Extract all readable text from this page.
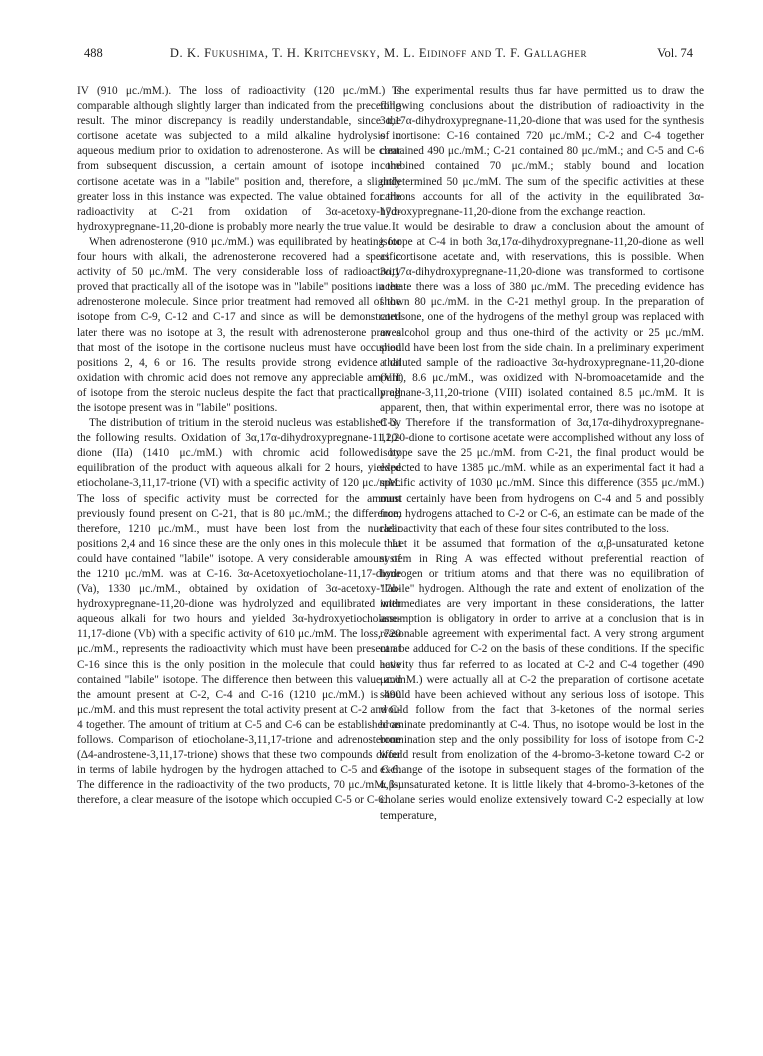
488	D. K. Fukushima, T. H. Kritchevsky, M. L. Eidinoff and T. F. Gallagher	Vol. 74

IV (910 μc./mM.). The loss of radioactivity (120 μc./mM.) is comparable although slightly larger than indicated from the preceding result. The minor discrepancy is readily understandable, since the cortisone acetate was subjected to a mild alkaline hydrolysis in aqueous medium prior to oxidation to adrenosterone. As will be clear from subsequent discussion, a certain amount of isotope in the cortisone acetate was in a "labile" position and, therefore, a slightly greater loss in this instance was expected. The value obtained for the radioactivity at C-21 from oxidation of 3α-acetoxy-17α-hydroxypregnane-11,20-dione is probably more nearly the true value.

When adrenosterone (910 μc./mM.) was equilibrated by heating for four hours with alkali, the adrenosterone recovered had a specific activity of 50 μc./mM. The very considerable loss of radioactivity proved that practically all of the isotope was in "labile" positions in the adrenosterone molecule. Since prior treatment had removed all of the isotope from C-9, C-12 and C-17 and since as will be demonstrated later there was no isotope at 3, the result with adrenosterone proves that most of the isotope in the cortisone nucleus must have occupied positions 2, 4, 6 or 16. The results provide strong evidence that oxidation with chromic acid does not remove any appreciable amount of isotope from the steroic nucleus despite the fact that practically all the isotope present was in "labile" positions.

The distribution of tritium in the steroid nucleus was established by the following results. Oxidation of 3α,17α-dihydroxypregnane-11,20-dione (IIa) (1410 μc./mM.) with chromic acid followed by equilibration of the product with aqueous alkali for 2 hours, yielded etiocholane-3,11,17-trione (VI) with a specific activity of 120 μc./mM. The loss of specific activity must be corrected for the amount previously found present on C-21, that is 80 μc./mM.; the difference, therefore, 1210 μc./mM., must have been lost from the nuclear positions 2,4 and 16 since these are the only ones in this molecule that could have contained "labile" isotope. A very considerable amount of the 1210 μc./mM. was at C-16. 3α-Acetoxyetiocholane-11,17-dione (Va), 1330 μc./mM., obtained by oxidation of 3α-acetoxy-17α-hydroxypregnane-11,20-dione was hydrolyzed and equilibrated with aqueous alkali for two hours and yielded 3α-hydroxyetiocholane-11,17-dione (Vb) with a specific activity of 610 μc./mM. The loss, 720 μc./mM., represents the radioactivity which must have been present at C-16 since this is the only position in the molecule that could have contained "labile" isotope. The difference then between this value and the amount present at C-2, C-4 and C-16 (1210 μc./mM.) is 490 μc./mM. and this must represent the total activity present at C-2 and C-4 together. The amount of tritium at C-5 and C-6 can be established as follows. Comparison of etiocholane-3,11,17-trione and adrenosterone (Δ4-androstene-3,11,17-trione) shows that these two compounds differ in terms of labile hydrogen by the hydrogen attached to C-5 and C-6. The difference in the radioactivity of the two products, 70 μc./mM. is, therefore, a clear measure of the isotope which occupied C-5 or C-6.

The experimental results thus far have permitted us to draw the following conclusions about the distribution of radioactivity in the 3α,17α-dihydroxypregnane-11,20-dione that was used for the synthesis of cortisone: C-16 contained 720 μc./mM.; C-2 and C-4 together contained 490 μc./mM.; C-21 contained 80 μc./mM.; and C-5 and C-6 combined contained 70 μc./mM.; stably bound and location undetermined 50 μc./mM. The sum of the specific activities at these carbons accounts for all of the activity in the equilibrated 3α-hydroxypregnane-11,20-dione from the exchange reaction.

It would be desirable to draw a conclusion about the amount of isotope at C-4 in both 3α,17α-dihydroxypregnane-11,20-dione as well as cortisone acetate and, with reservations, this is possible. When 3α,17α-dihydroxypregnane-11,20-dione was transformed to cortisone acetate there was a loss of 380 μc./mM. The preceding evidence has shown 80 μc./mM. in the C-21 methyl group. In the preparation of cortisone, one of the hydrogens of the methyl group was replaced with an alcohol group and thus one-third of the activity or 25 μc./mM. should have been lost from the side chain. In a preliminary experiment a diluted sample of the radioactive 3α-hydroxypregnane-11,20-dione (VII), 8.6 μc./mM., was oxidized with N-bromoacetamide and the pregnane-3,11,20-trione (VIII) isolated contained 8.5 μc./mM. It is apparent, then, that within experimental error, there was no isotope at C-3. Therefore if the transformation of 3α,17α-dihydroxypregnane-11,20-dione to cortisone acetate were accomplished without any loss of isotope save the 25 μc./mM. from C-21, the final product would be expected to have 1385 μc./mM. while as an experimental fact it had a specific activity of 1030 μc./mM. Since this difference (355 μc./mM.) must certainly have been from hydrogens on C-4 and 5 and possibly from hydrogens attached to C-2 or C-6, an estimate can be made of the radioactivity that each of these four sites contributed to the loss.

Let it be assumed that formation of the α,β-unsaturated ketone system in Ring A was effected without preferential reaction of hydrogen or tritium atoms and that there was no equilibration of "labile" hydrogen. Although the rate and extent of enolization of the intermediates are very important in these considerations, the latter assumption is obligatory in order to arrive at a conclusion that is in reasonable agreement with experimental fact. A very strong argument can be adduced for C-2 on the basis of these conditions. If the specific activity thus far referred to as located at C-2 and C-4 together (490 μc./mM.) were actually all at C-2 the preparation of cortisone acetate should have been achieved without any serious loss of isotope. This would follow from the fact that 3-ketones of the normal series brominate predominantly at C-4. Thus, no isotope would be lost in the bromination step and the only possibility for loss of isotope from C-2 would result from enolization of the 4-bromo-3-ketone toward C-2 or exchange of the isotope in subsequent stages of the formation of the α,β-unsaturated ketone. It is little likely that 4-bromo-3-ketones of the cholane series would enolize extensively toward C-2 especially at low temperature,
